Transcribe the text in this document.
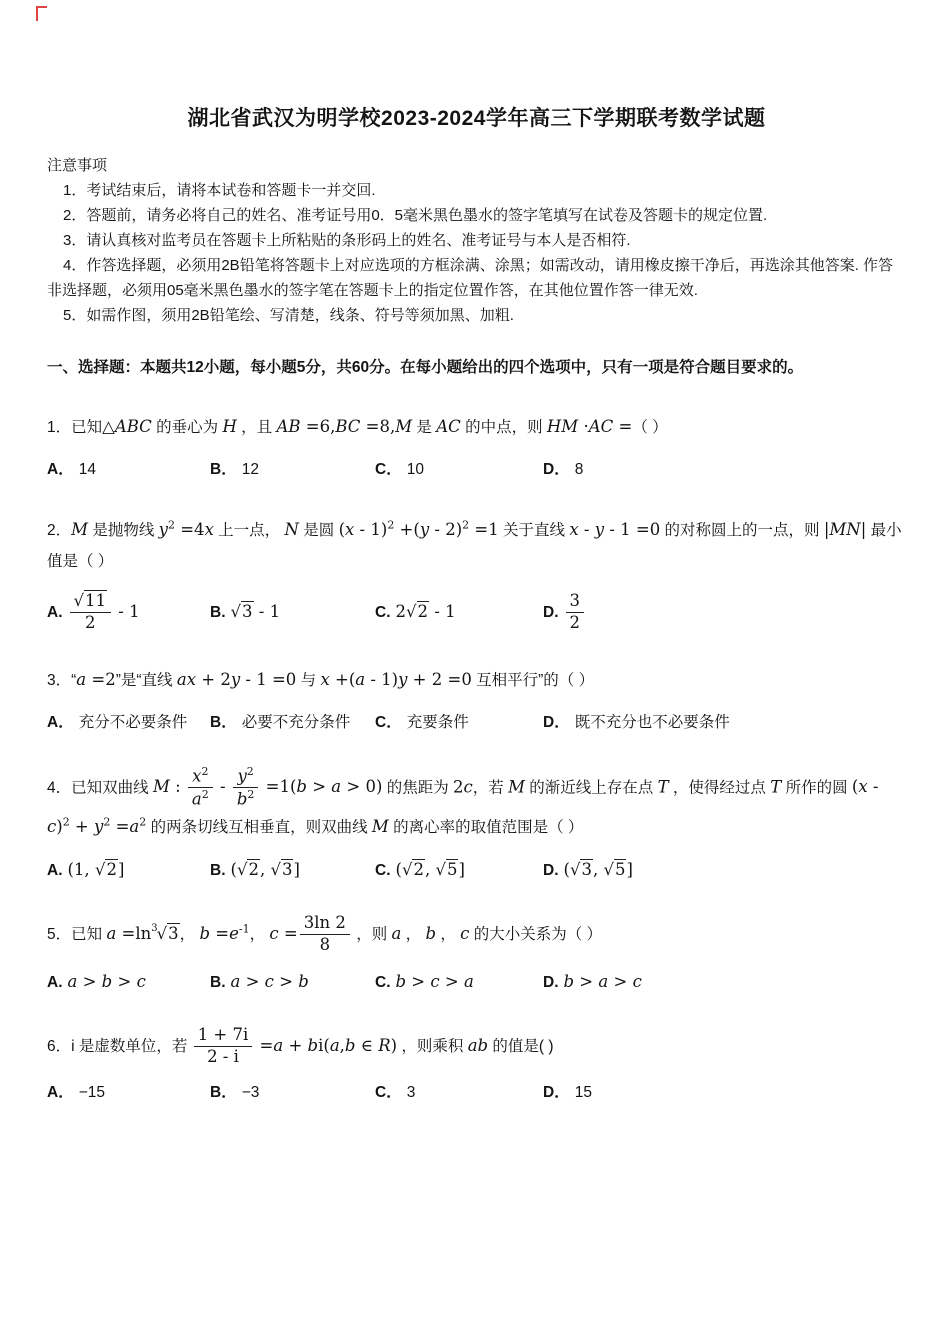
湖北省武汉为明学校2023-2024学年高三下学期联考数学试题
注意事项
1．考试结束后，请将本试卷和答题卡一并交回.
2．答题前，请务必将自己的姓名、准考证号用0．5毫米黑色墨水的签字笔填写在试卷及答题卡的规定位置.
3．请认真核对监考员在答题卡上所粘贴的条形码上的姓名、准考证号与本人是否相符.
4．作答选择题，必须用2B铅笔将答题卡上对应选项的方框涂满、涂黑；如需改动，请用橡皮擦干净后，再选涂其他答案. 作答非选择题，必须用05毫米黑色墨水的签字笔在答题卡上的指定位置作答，在其他位置作答一律无效.
5．如需作图，须用2B铅笔绘、写清楚，线条、符号等须加黑、加粗.
一、选择题：本题共12小题，每小题5分，共60分。在每小题给出的四个选项中，只有一项是符合题目要求的。
1．已知△ABC 的垂心为 H ，且 AB =6,BC =8,M 是 AC 的中点，则 HM ·AC =（ ）
A． 14	B． 12	C． 10	D． 8
2．M 是抛物线 $y^2 =4x$ 上一点， N 是圆 (x - 1)$^2$ +(y - 2)$^2$ =1 关于直线 x - y - 1 =0 的对称圆上的一点，则 |MN| 最小值是（ ）
A. $\frac{√11}{2} - 1$	B. √3 - 1	C. 2√2 - 1	D. $\frac{3}{2}$
3．“a =2”是“直线 ax + 2y - 1 =0 与 x +(a - 1)y + 2 =0 互相平行”的（ ）
A． 充分不必要条件	B． 必要不充分条件	C． 充要条件	D． 既不充分也不必要条件
4．已知双曲线 M : $\frac{x^2}{a^2} - \frac{y^2}{b^2} =1(b > a > 0)$ 的焦距为 2c，若 M 的渐近线上存在点 T ，使得经过点 T 所作的圆 $(x - c)^2 + y^2 =a^2$ 的两条切线互相垂直，则双曲线 M 的离心率的取值范围是（ ）
A. (1, √2]	B. (√2, √3]	C. (√2, √5]	D. (√3, √5]
5．已知 $a =\ln^3√3$， $b =e^{-1}$， $c = \frac{3\ln 2}{8}$ ，则 a ， b ， c 的大小关系为（ ）
A. a > b > c	B. a > c > b	C. b > c > a	D. b > a > c
6．i 是虚数单位，若 $\frac{1 + 7i}{2 - i} =a + bi(a,b$ ∈ R) ，则乘积 ab 的值是( )
A． −15	B． −3	C． 3	D． 15
